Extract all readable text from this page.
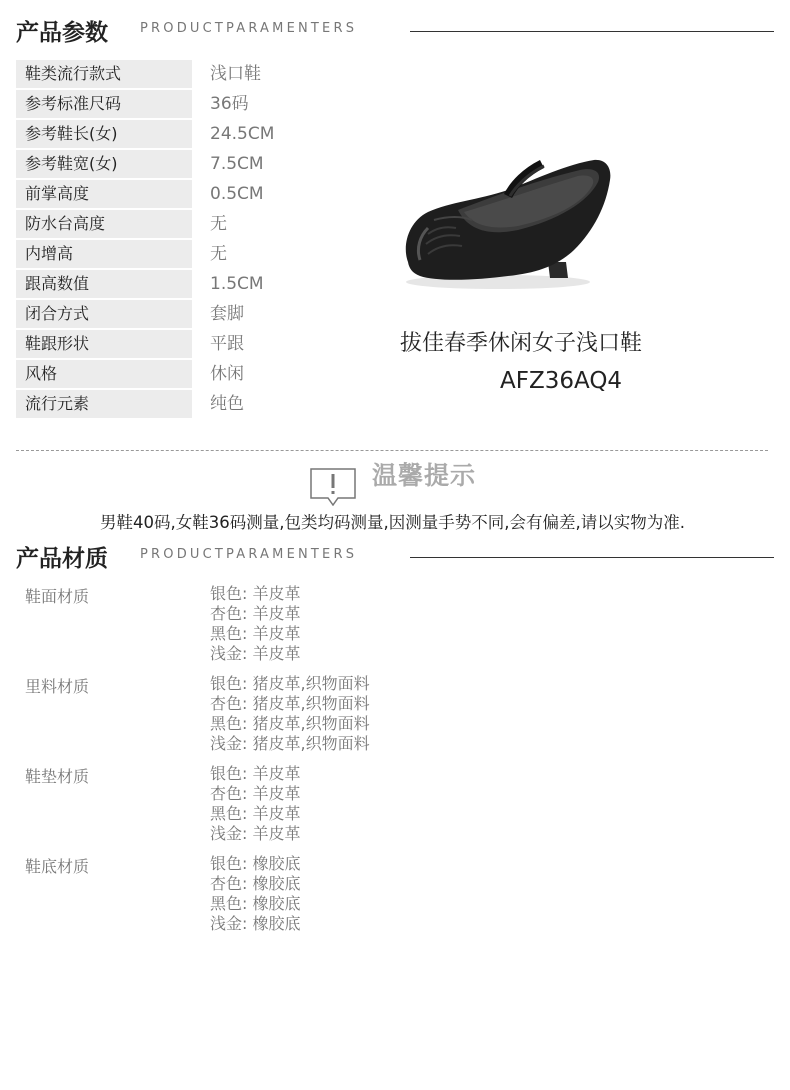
产品参数 PRODUCTPARAMENTERS
鞋类流行款式	浅口鞋
参考标准尺码	36码
参考鞋长(女)	24.5CM
参考鞋宽(女)	7.5CM
前掌高度	0.5CM
防水台高度	无
内增高	无
跟高数值	1.5CM
闭合方式	套脚
鞋跟形状	平跟
风格	休闲
流行元素	纯色
拔佳春季休闲女子浅口鞋
AFZ36AQ4
温馨提示
男鞋40码,女鞋36码测量,包类均码测量,因测量手势不同,会有偏差,请以实物为准.
产品材质 PRODUCTPARAMENTERS
鞋面材质	银色: 羊皮革
杏色: 羊皮革
黑色: 羊皮革
浅金: 羊皮革
里料材质	银色: 猪皮革,织物面料
杏色: 猪皮革,织物面料
黑色: 猪皮革,织物面料
浅金: 猪皮革,织物面料
鞋垫材质	银色: 羊皮革
杏色: 羊皮革
黑色: 羊皮革
浅金: 羊皮革
鞋底材质	银色: 橡胶底
杏色: 橡胶底
黑色: 橡胶底
浅金: 橡胶底
